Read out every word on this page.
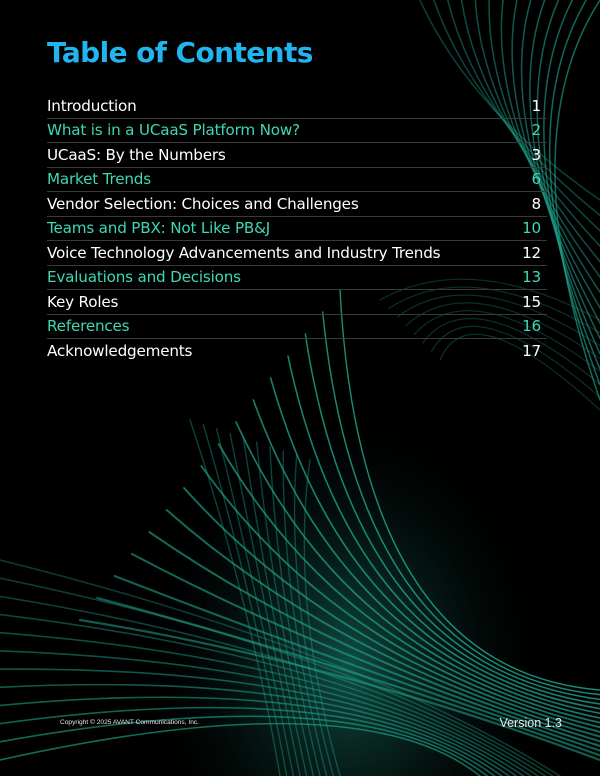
Table of Contents
Introduction	1
What is in a UCaaS Platform Now?	2
UCaaS: By the Numbers	3
Market Trends	6
Vendor Selection: Choices and Challenges	8
Teams and PBX: Not Like PB&J	10
Voice Technology Advancements and Industry Trends	12
Evaluations and Decisions	13
Key Roles	15
References	16
Acknowledgements	17
Copyright © 2025 AVANT Communications, Inc.	Version 1.3
